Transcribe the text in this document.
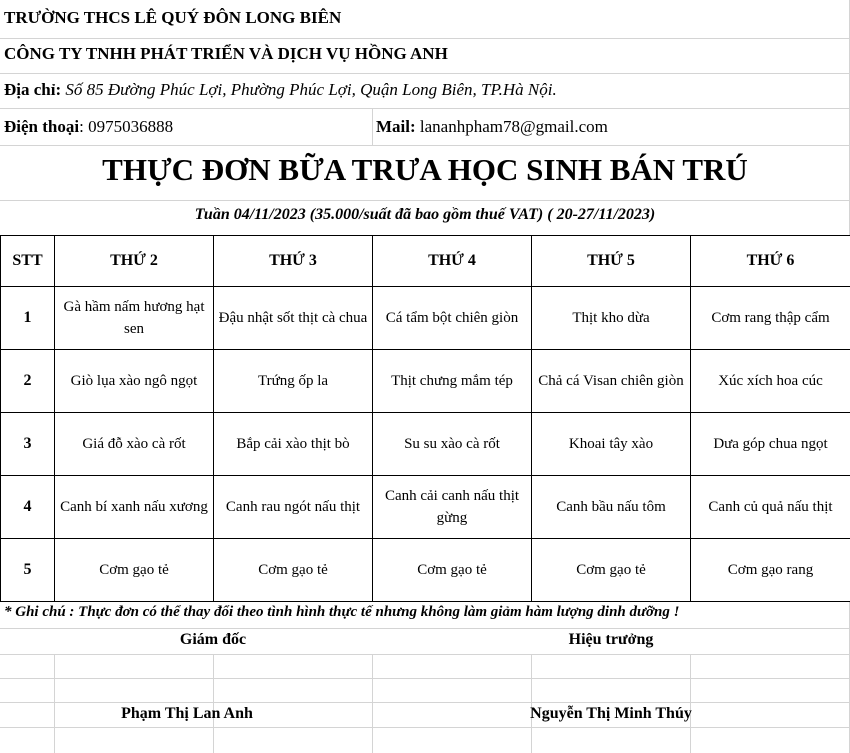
TRƯỜNG THCS LÊ QUÝ ĐÔN LONG BIÊN
CÔNG TY TNHH PHÁT TRIỂN VÀ DỊCH VỤ HỒNG ANH
Địa chỉ: Số 85 Đường Phúc Lợi, Phường Phúc Lợi, Quận Long Biên, TP.Hà Nội.
Điện thoại: 0975036888	Mail: lananhpham78@gmail.com
THỰC ĐƠN BỮA TRƯA HỌC SINH BÁN TRÚ
Tuần 04/11/2023 (35.000/suất đã bao gồm thuế VAT) ( 20-27/11/2023)
STT	THỨ 2	THỨ 3	THỨ 4	THỨ 5	THỨ 6
1	Gà hầm nấm hương hạt sen	Đậu nhật sốt thịt cà chua	Cá tẩm bột chiên giòn	Thịt kho dừa	Cơm rang thập cẩm
2	Giò lụa xào ngô ngọt	Trứng ốp la	Thịt chưng mắm tép	Chả cá Visan chiên giòn	Xúc xích hoa cúc
3	Giá đỗ xào cà rốt	Bắp cải xào thịt bò	Su su xào cà rốt	Khoai tây xào	Dưa góp chua ngọt
4	Canh bí xanh nấu xương	Canh rau ngót nấu thịt	Canh cải canh nấu thịt gừng	Canh bầu nấu tôm	Canh củ quả nấu thịt
5	Cơm gạo tẻ	Cơm gạo tẻ	Cơm gạo tẻ	Cơm gạo tẻ	Cơm gạo rang
* Ghi chú : Thực đơn có thể thay đổi theo tình hình thực tế nhưng không làm giảm hàm lượng dinh dưỡng !
Giám đốc	Hiệu trưởng
Phạm Thị Lan Anh	Nguyễn Thị Minh Thúy
